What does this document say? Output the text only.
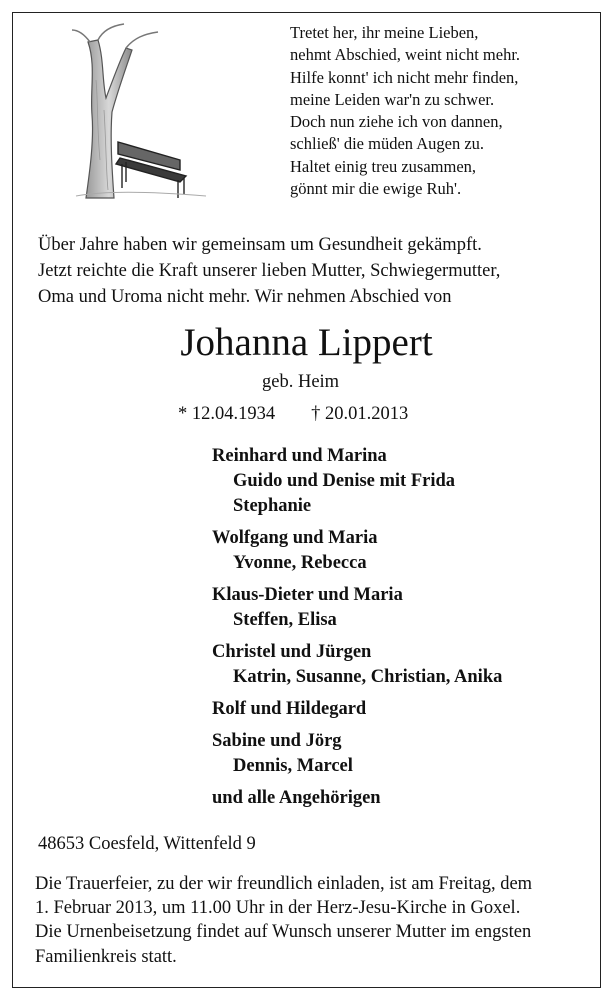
Tretet her, ihr meine Lieben,
nehmt Abschied, weint nicht mehr.
Hilfe konnt' ich nicht mehr finden,
meine Leiden war'n zu schwer.
Doch nun ziehe ich von dannen,
schließ' die müden Augen zu.
Haltet einig treu zusammen,
gönnt mir die ewige Ruh'.
Über Jahre haben wir gemeinsam um Gesundheit gekämpft.
Jetzt reichte die Kraft unserer lieben Mutter, Schwiegermutter,
Oma und Uroma nicht mehr. Wir nehmen Abschied von
Johanna Lippert
geb. Heim
* 12.04.1934 † 20.01.2013
Reinhard und Marina
Guido und Denise mit Frida
Stephanie
Wolfgang und Maria
Yvonne, Rebecca
Klaus-Dieter und Maria
Steffen, Elisa
Christel und Jürgen
Katrin, Susanne, Christian, Anika
Rolf und Hildegard
Sabine und Jörg
Dennis, Marcel
und alle Angehörigen
48653 Coesfeld, Wittenfeld 9
Die Trauerfeier, zu der wir freundlich einladen, ist am Freitag, dem
1. Februar 2013, um 11.00 Uhr in der Herz-Jesu-Kirche in Goxel.
Die Urnenbeisetzung findet auf Wunsch unserer Mutter im engsten
Familienkreis statt.
